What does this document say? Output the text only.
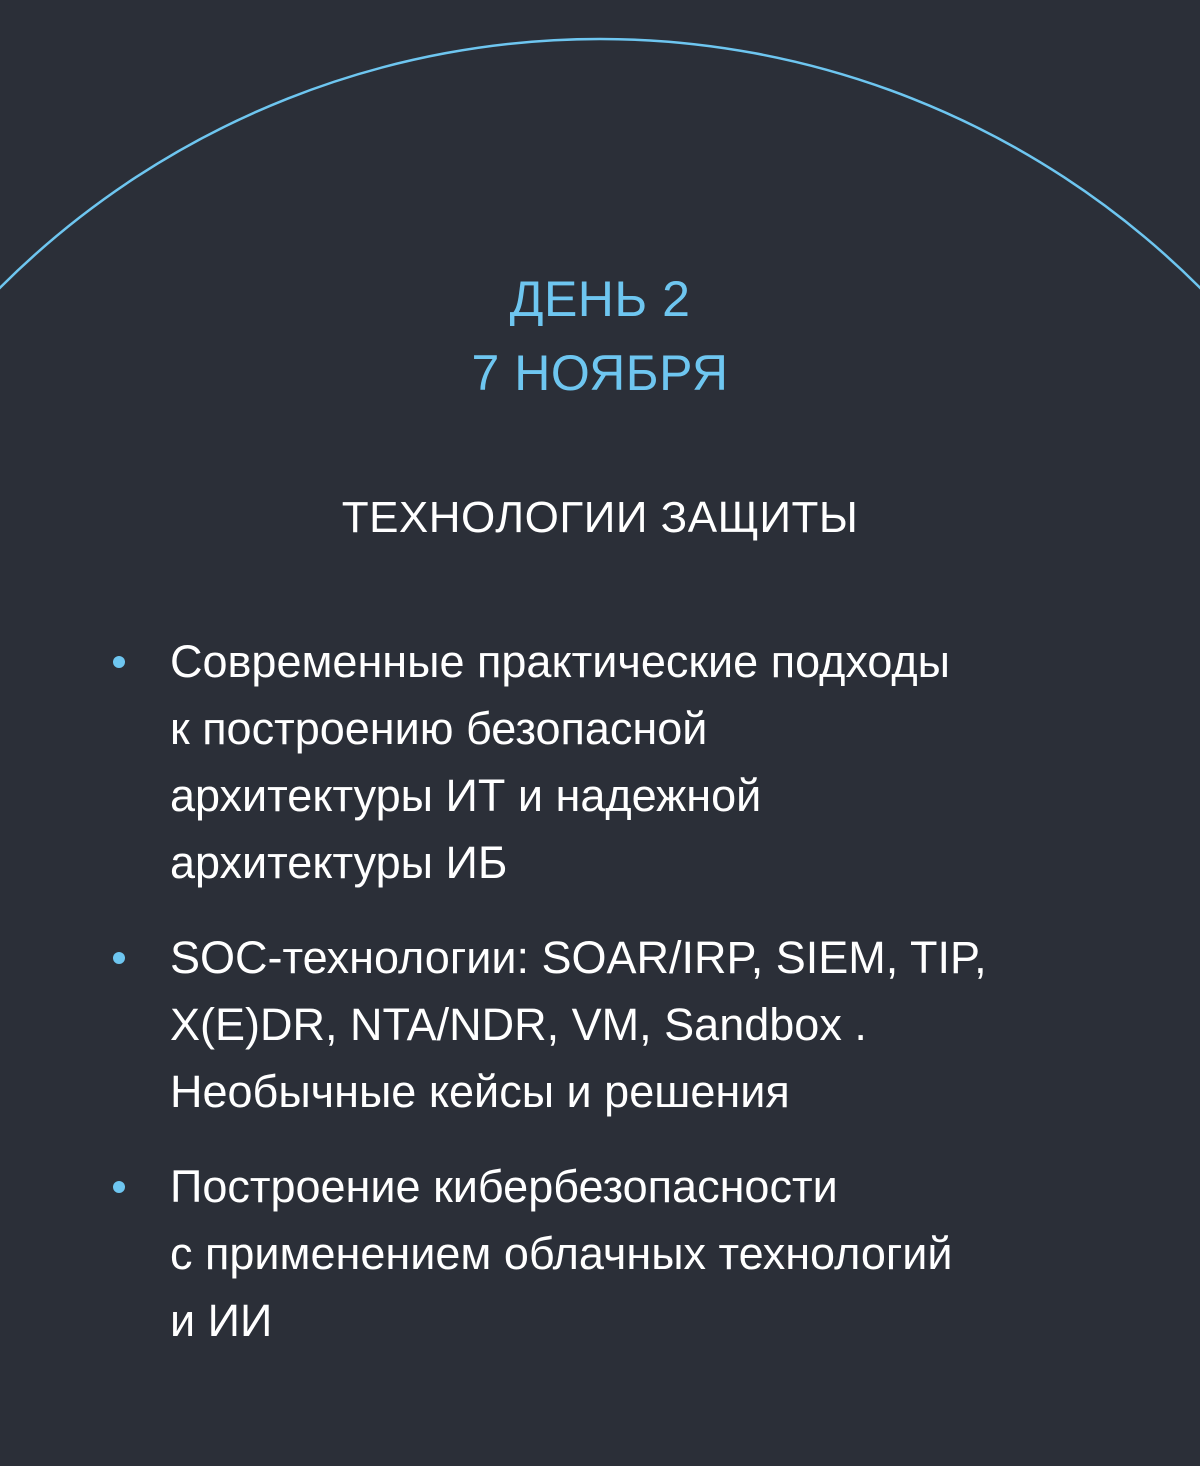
ДЕНЬ 2
7 НОЯБРЯ
ТЕХНОЛОГИИ ЗАЩИТЫ
Современные практические подходы
к построению безопасной
архитектуры ИТ и надежной
архитектуры ИБ
SOC-технологии: SOAR/IRP, SIEM, TIP,
X(E)DR, NTA/NDR, VM, Sandbox .
Необычные кейсы и решения
Построение кибербезопасности
с применением облачных технологий
и ИИ
